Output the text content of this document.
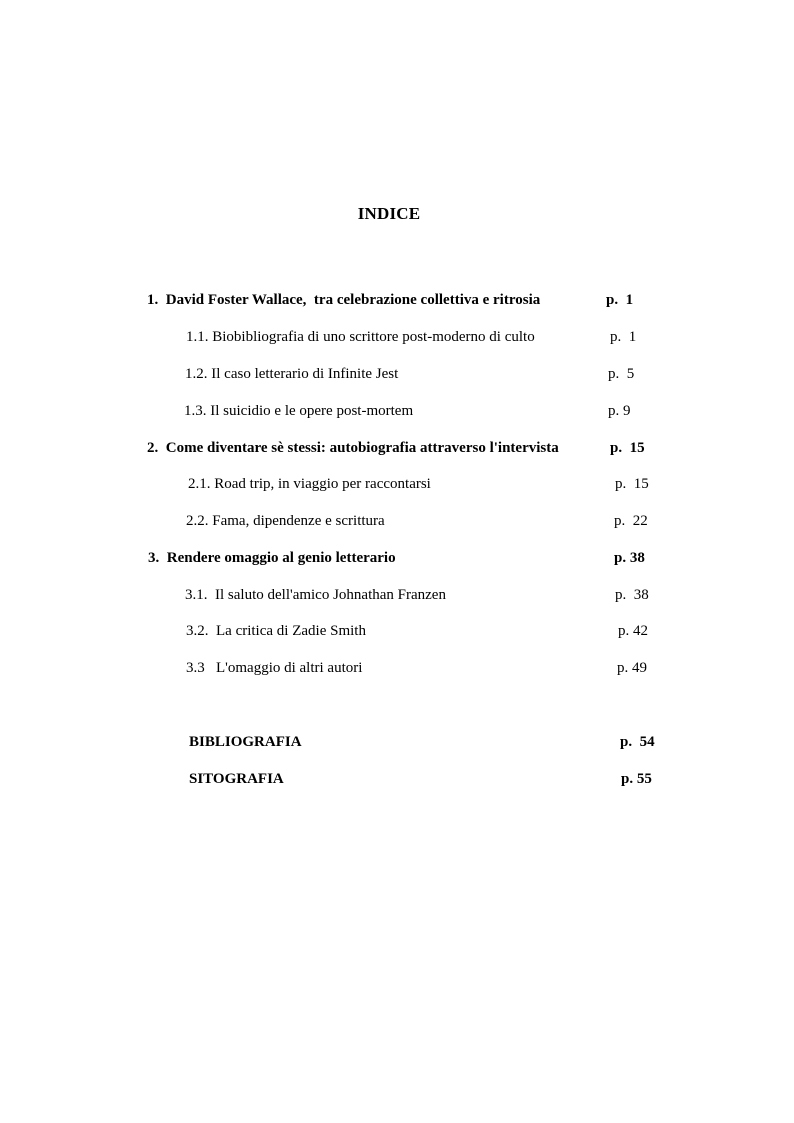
INDICE
1.  David Foster Wallace,  tra celebrazione collettiva e ritrosia	p.  1
1.1. Biobibliografia di uno scrittore post-moderno di culto	p.  1
1.2. Il caso letterario di Infinite Jest	p.  5
1.3. Il suicidio e le opere post-mortem	p. 9
2.  Come diventare sè stessi: autobiografia attraverso l'intervista	p.  15
2.1. Road trip, in viaggio per raccontarsi	p.  15
2.2. Fama, dipendenze e scrittura	p.  22
3.  Rendere omaggio al genio letterario	p. 38
3.1.  Il saluto dell'amico Johnathan Franzen	p.  38
3.2.  La critica di Zadie Smith	p. 42
3.3   L'omaggio di altri autori	p. 49
BIBLIOGRAFIA	p.  54
SITOGRAFIA	p. 55
